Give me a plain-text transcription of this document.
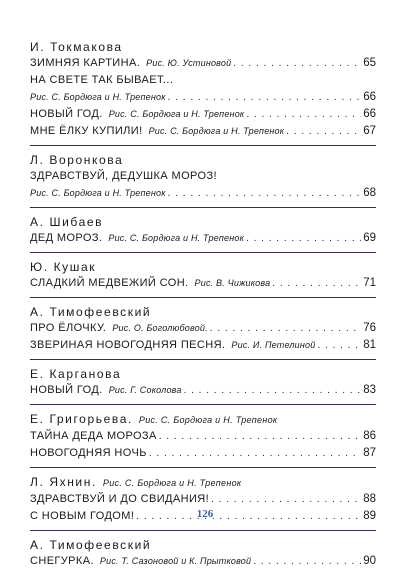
И. Токмакова
ЗИМНЯЯ КАРТИНА. Рис. Ю. Устиновой . . .	65
НА СВЕТЕ ТАК БЫВАЕТ...
Рис. С. Бордюга и Н. Трепенок . . .	66
НОВЫЙ ГОД. Рис. С. Бордюга и Н. Трепенок . . .	66
МНЕ ЁЛКУ КУПИЛИ! Рис. С. Бордюга и Н. Трепенок . . .	67
Л. Воронкова
ЗДРАВСТВУЙ, ДЕДУШКА МОРОЗ!
Рис. С. Бордюга и Н. Трепенок . . .	68
А. Шибаев
ДЕД МОРОЗ. Рис. С. Бордюга и Н. Трепенок . . .	69
Ю. Кушак
СЛАДКИЙ МЕДВЕЖИЙ СОН. Рис. В. Чижикова . . .	71
А. Тимофеевский
ПРО ЁЛОЧКУ. Рис. О. Боголюбовой. . . .	76
ЗВЕРИНАЯ НОВОГОДНЯЯ ПЕСНЯ. Рис. И. Петелиной . . .	81
Е. Карганова
НОВЫЙ ГОД. Рис. Г. Соколова . . .	83
Е. Григорьева. Рис. С. Бордюга и Н. Трепенок
ТАЙНА ДЕДА МОРОЗА . . .	86
НОВОГОДНЯЯ НОЧЬ . . .	87
Л. Яхнин. Рис. С. Бордюга и Н. Трепенок
ЗДРАВСТВУЙ И ДО СВИДАНИЯ! . . .	88
С НОВЫМ ГОДОМ! . . .	89
А. Тимофеевский
СНЕГУРКА. Рис. Т. Сазоновой и К. Прытковой . . .	90
126
